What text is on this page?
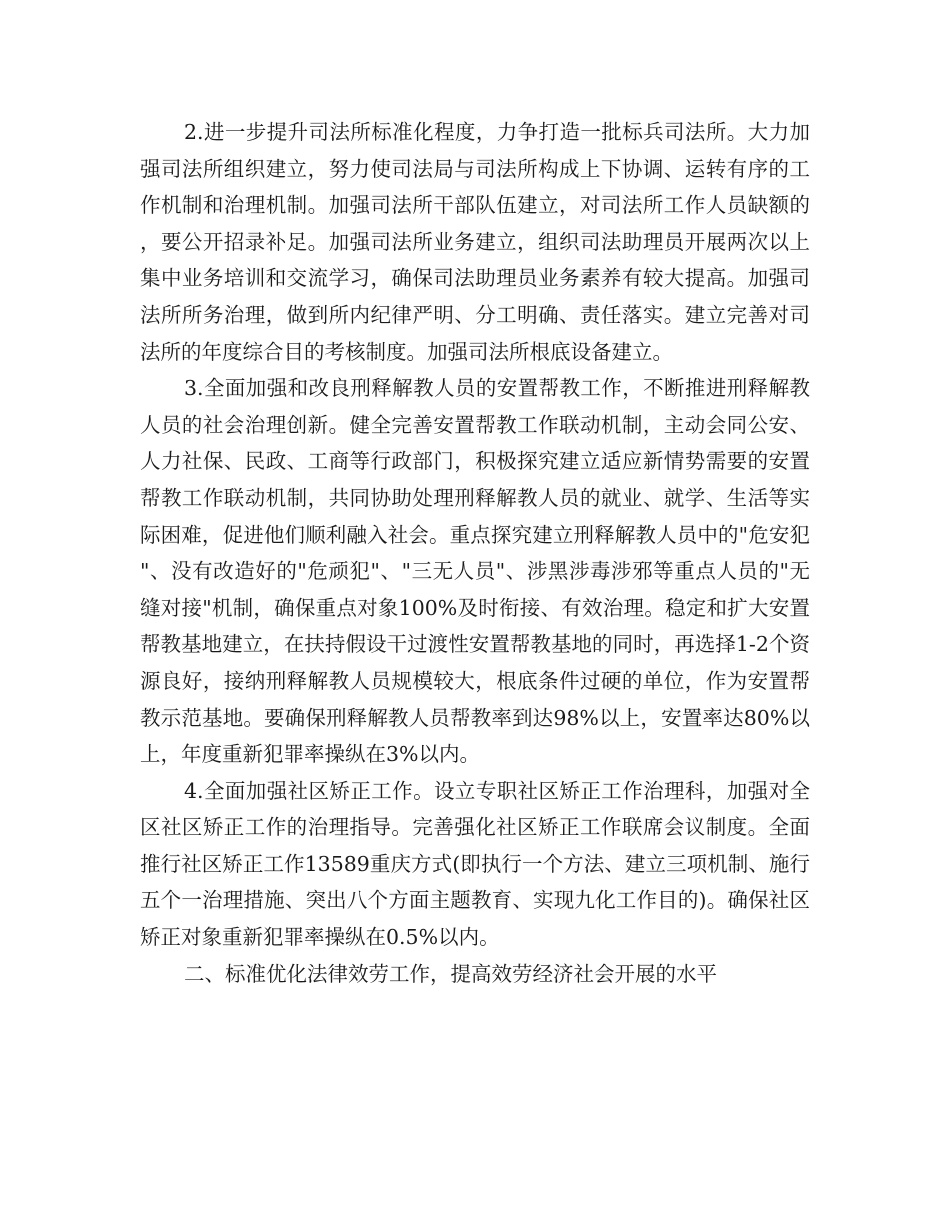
2.进一步提升司法所标准化程度，力争打造一批标兵司法所。大力加强司法所组织建立，努力使司法局与司法所构成上下协调、运转有序的工作机制和治理机制。加强司法所干部队伍建立，对司法所工作人员缺额的，要公开招录补足。加强司法所业务建立，组织司法助理员开展两次以上集中业务培训和交流学习，确保司法助理员业务素养有较大提高。加强司法所所务治理，做到所内纪律严明、分工明确、责任落实。建立完善对司法所的年度综合目的考核制度。加强司法所根底设备建立。

3.全面加强和改良刑释解教人员的安置帮教工作，不断推进刑释解教人员的社会治理创新。健全完善安置帮教工作联动机制，主动会同公安、人力社保、民政、工商等行政部门，积极探究建立适应新情势需要的安置帮教工作联动机制，共同协助处理刑释解教人员的就业、就学、生活等实际困难，促进他们顺利融入社会。重点探究建立刑释解教人员中的"危安犯"、没有改造好的"危顽犯"、"三无人员"、涉黑涉毒涉邪等重点人员的"无缝对接"机制，确保重点对象100%及时衔接、有效治理。稳定和扩大安置帮教基地建立，在扶持假设干过渡性安置帮教基地的同时，再选择1-2个资源良好，接纳刑释解教人员规模较大，根底条件过硬的单位，作为安置帮教示范基地。要确保刑释解教人员帮教率到达98%以上，安置率达80%以上，年度重新犯罪率操纵在3%以内。

4.全面加强社区矫正工作。设立专职社区矫正工作治理科，加强对全区社区矫正工作的治理指导。完善强化社区矫正工作联席会议制度。全面推行社区矫正工作13589重庆方式(即执行一个方法、建立三项机制、施行五个一治理措施、突出八个方面主题教育、实现九化工作目的)。确保社区矫正对象重新犯罪率操纵在0.5%以内。

二、标准优化法律效劳工作，提高效劳经济社会开展的水平
